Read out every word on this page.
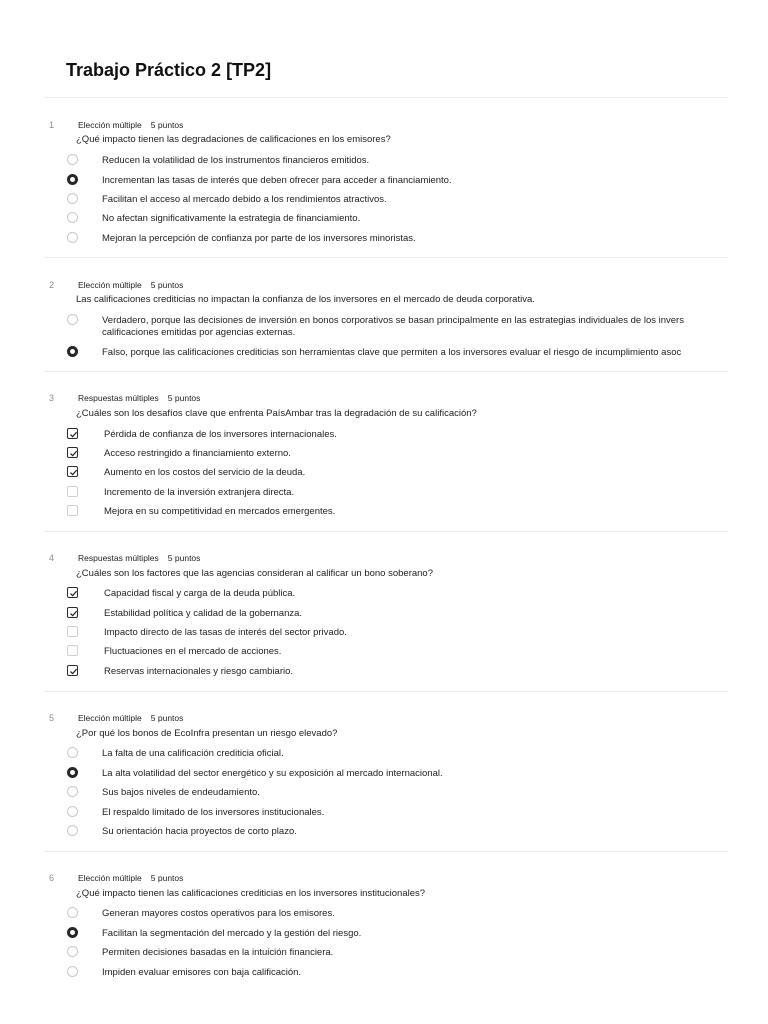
Trabajo Práctico 2 [TP2]
1	Elección múltiple 5 puntos
¿Qué impacto tienen las degradaciones de calificaciones en los emisores?
Reducen la volatilidad de los instrumentos financieros emitidos.
Incrementan las tasas de interés que deben ofrecer para acceder a financiamiento.
Facilitan el acceso al mercado debido a los rendimientos atractivos.
No afectan significativamente la estrategia de financiamiento.
Mejoran la percepción de confianza por parte de los inversores minoristas.
2	Elección múltiple 5 puntos
Las calificaciones crediticias no impactan la confianza de los inversores en el mercado de deuda corporativa.
Verdadero, porque las decisiones de inversión en bonos corporativos se basan principalmente en las estrategias individuales de los invers
calificaciones emitidas por agencias externas.
Falso, porque las calificaciones crediticias son herramientas clave que permiten a los inversores evaluar el riesgo de incumplimiento asoc
3	Respuestas múltiples 5 puntos
¿Cuáles son los desafíos clave que enfrenta PaísAmbar tras la degradación de su calificación?
Pérdida de confianza de los inversores internacionales.
Acceso restringido a financiamiento externo.
Aumento en los costos del servicio de la deuda.
Incremento de la inversión extranjera directa.
Mejora en su competitividad en mercados emergentes.
4	Respuestas múltiples 5 puntos
¿Cuáles son los factores que las agencias consideran al calificar un bono soberano?
Capacidad fiscal y carga de la deuda pública.
Estabilidad política y calidad de la gobernanza.
Impacto directo de las tasas de interés del sector privado.
Fluctuaciones en el mercado de acciones.
Reservas internacionales y riesgo cambiario.
5	Elección múltiple 5 puntos
¿Por qué los bonos de EcoInfra presentan un riesgo elevado?
La falta de una calificación crediticia oficial.
La alta volatilidad del sector energético y su exposición al mercado internacional.
Sus bajos niveles de endeudamiento.
El respaldo limitado de los inversores institucionales.
Su orientación hacia proyectos de corto plazo.
6	Elección múltiple 5 puntos
¿Qué impacto tienen las calificaciones crediticias en los inversores institucionales?
Generan mayores costos operativos para los emisores.
Facilitan la segmentación del mercado y la gestión del riesgo.
Permiten decisiones basadas en la intuición financiera.
Impiden evaluar emisores con baja calificación.
